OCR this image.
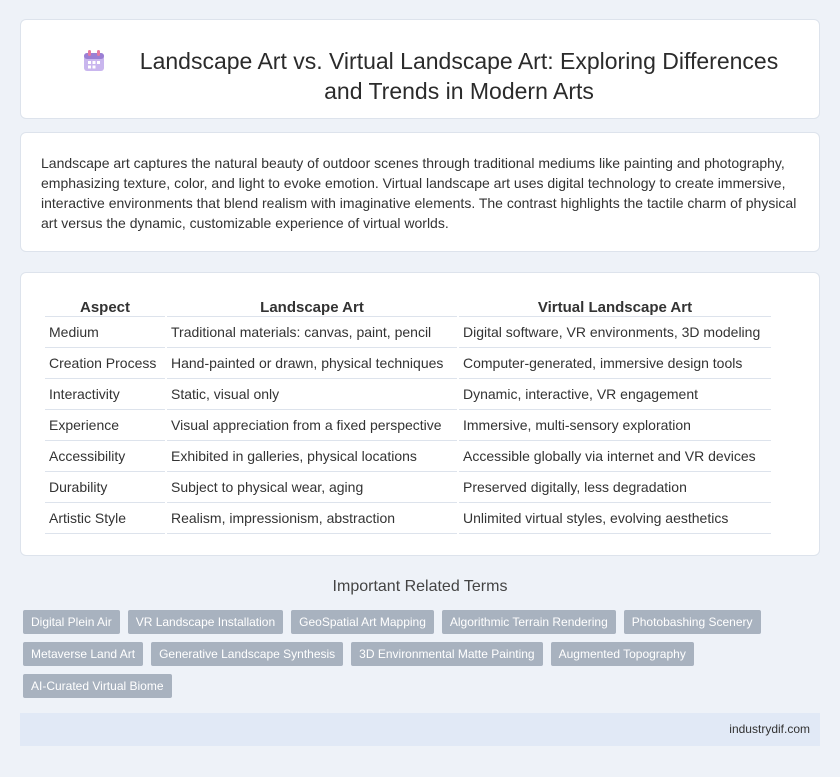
Landscape Art vs. Virtual Landscape Art: Exploring Differences and Trends in Modern Arts

Landscape art captures the natural beauty of outdoor scenes through traditional mediums like painting and photography, emphasizing texture, color, and light to evoke emotion. Virtual landscape art uses digital technology to create immersive, interactive environments that blend realism with imaginative elements. The contrast highlights the tactile charm of physical art versus the dynamic, customizable experience of virtual worlds.

Aspect	Landscape Art	Virtual Landscape Art
Medium	Traditional materials: canvas, paint, pencil	Digital software, VR environments, 3D modeling
Creation Process	Hand-painted or drawn, physical techniques	Computer-generated, immersive design tools
Interactivity	Static, visual only	Dynamic, interactive, VR engagement
Experience	Visual appreciation from a fixed perspective	Immersive, multi-sensory exploration
Accessibility	Exhibited in galleries, physical locations	Accessible globally via internet and VR devices
Durability	Subject to physical wear, aging	Preserved digitally, less degradation
Artistic Style	Realism, impressionism, abstraction	Unlimited virtual styles, evolving aesthetics
Important Related Terms
Digital Plein Air	VR Landscape Installation	GeoSpatial Art Mapping	Algorithmic Terrain Rendering	Photobashing Scenery
Metaverse Land Art	Generative Landscape Synthesis	3D Environmental Matte Painting	Augmented Topography
AI-Curated Virtual Biome
industrydif.com
